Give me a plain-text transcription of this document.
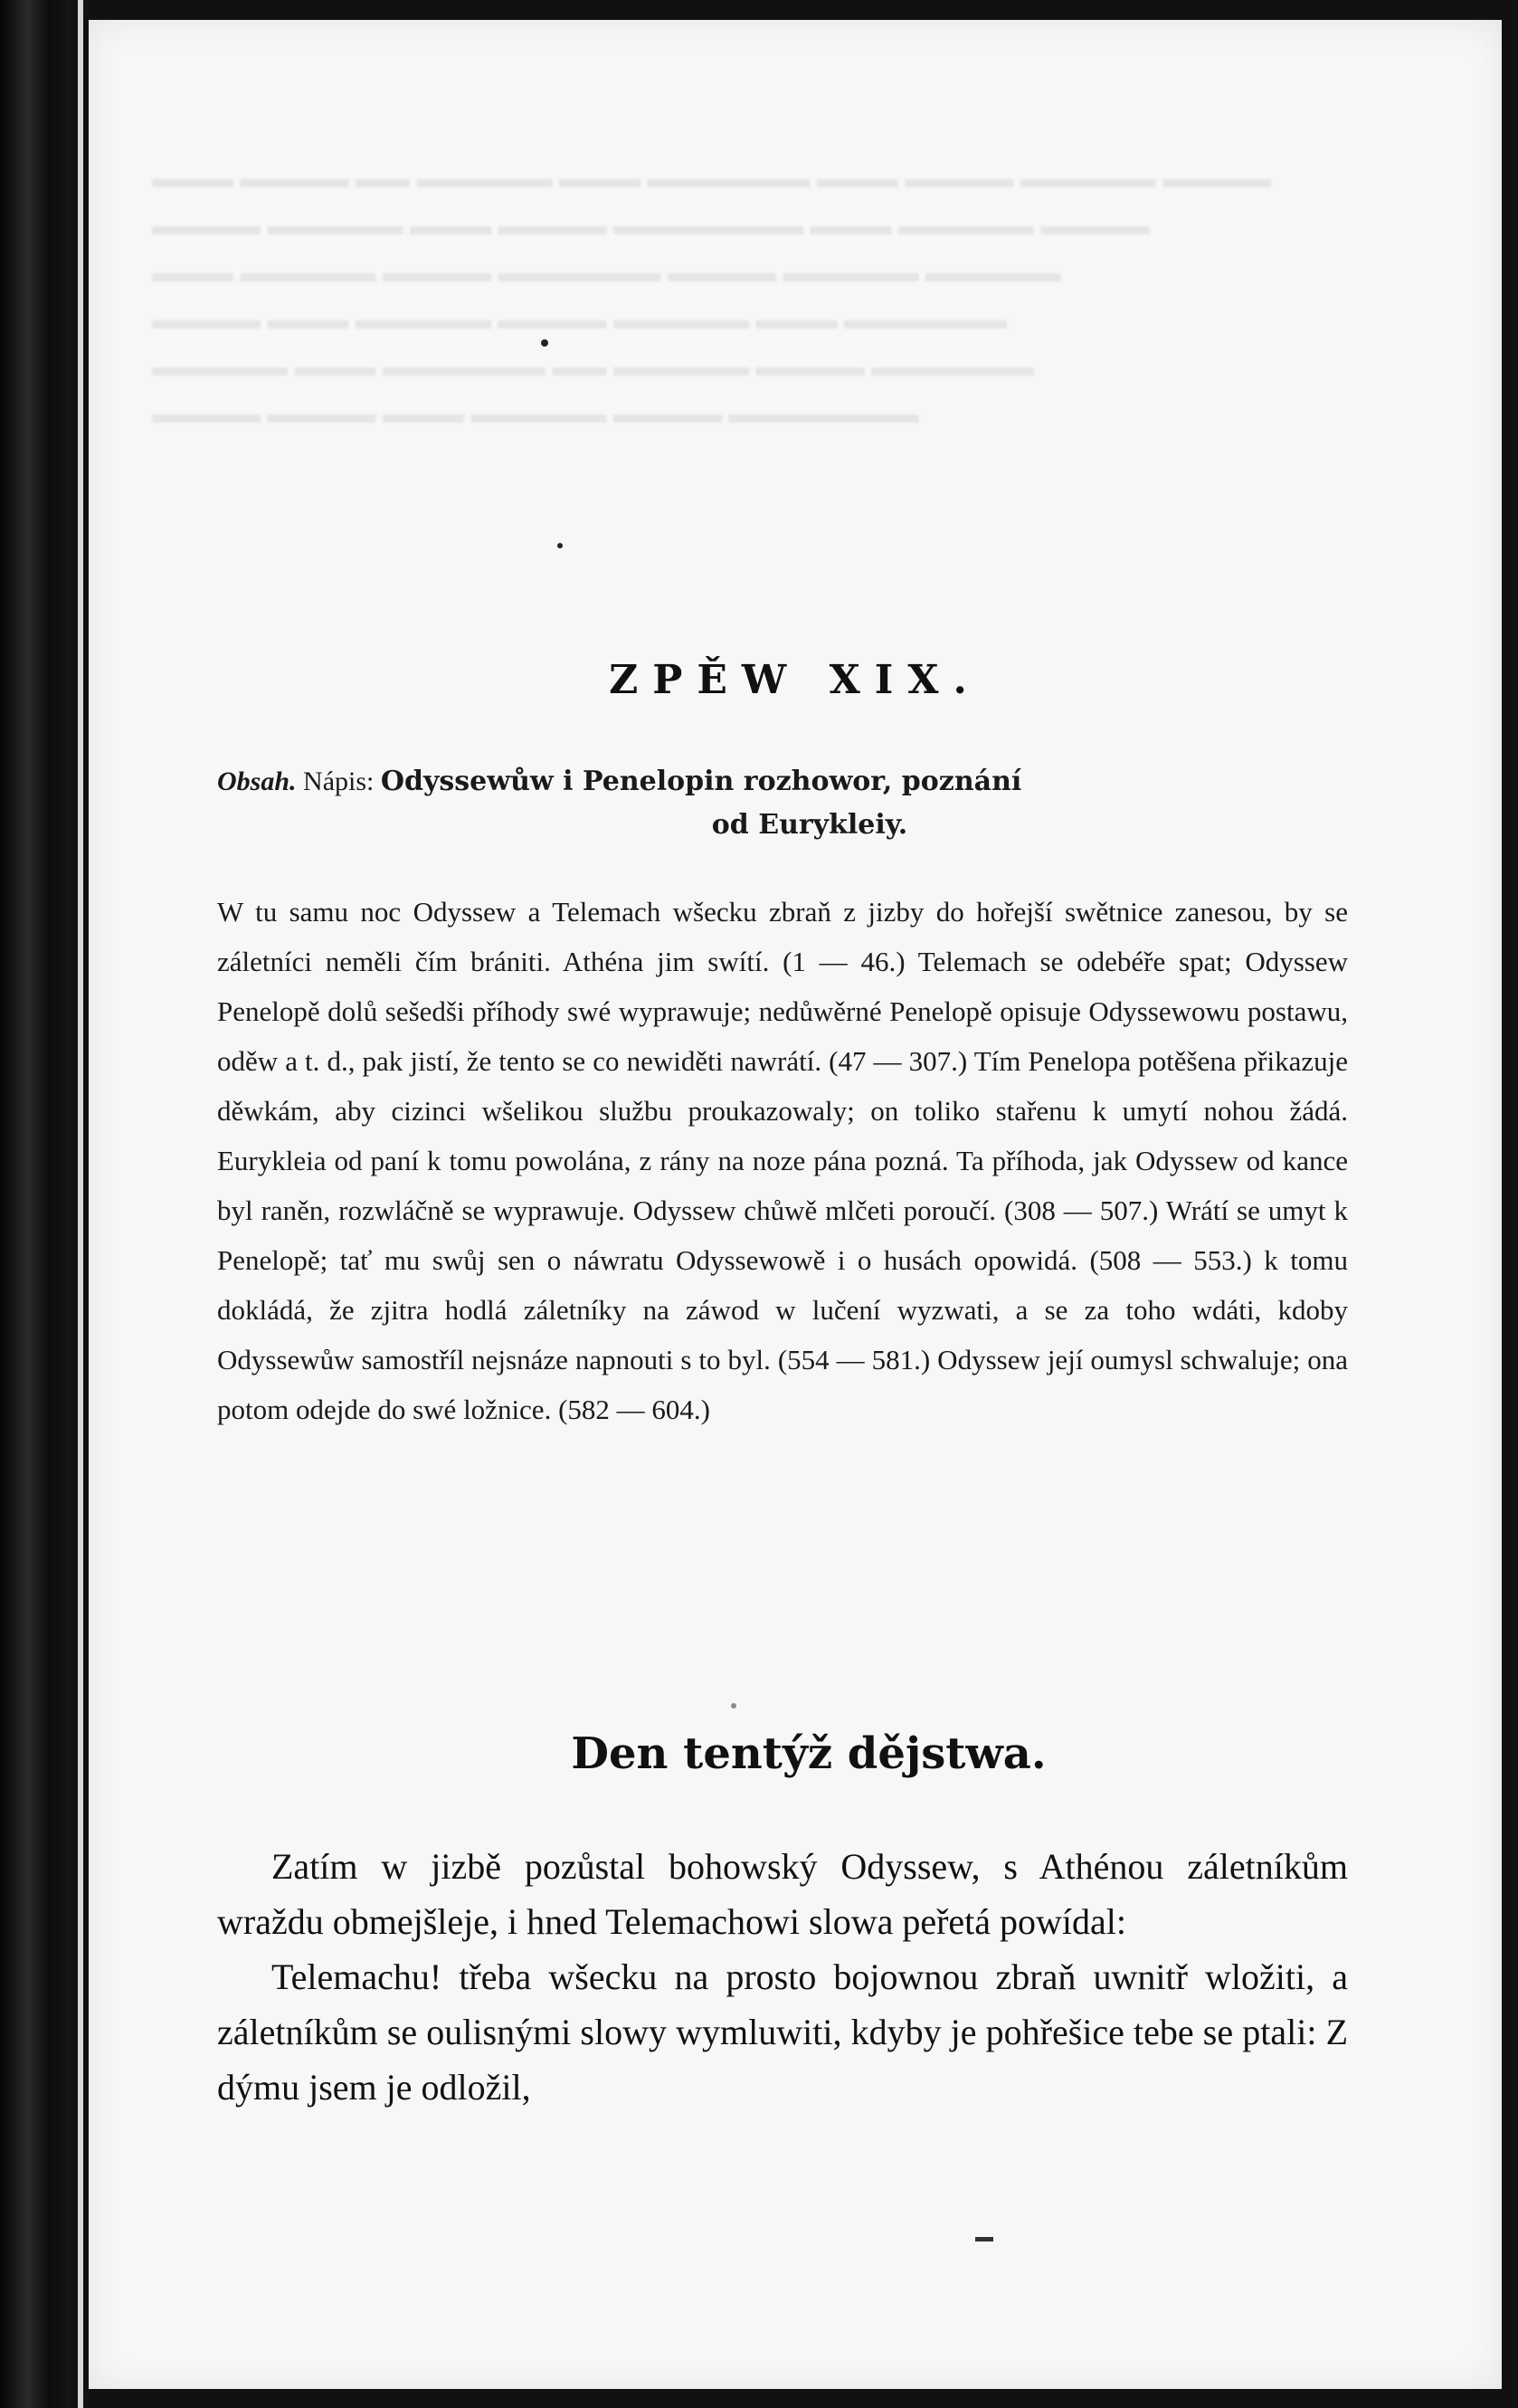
▬▬▬ ▬▬▬▬ ▬▬ ▬▬▬▬▬ ▬▬▬ ▬▬▬▬▬▬ ▬▬▬ ▬▬▬▬ ▬▬▬▬▬ ▬▬▬▬
▬▬▬▬ ▬▬▬▬▬ ▬▬▬ ▬▬▬▬ ▬▬▬▬▬▬▬ ▬▬▬ ▬▬▬▬▬ ▬▬▬▬
▬▬▬ ▬▬▬▬▬ ▬▬▬▬ ▬▬▬▬▬▬ ▬▬▬▬ ▬▬▬▬▬ ▬▬▬▬▬
▬▬▬▬ ▬▬▬ ▬▬▬▬▬ ▬▬▬▬ ▬▬▬▬▬ ▬▬▬ ▬▬▬▬▬▬
▬▬▬▬▬ ▬▬▬ ▬▬▬▬▬▬ ▬▬ ▬▬▬▬▬ ▬▬▬▬ ▬▬▬▬▬▬
▬▬▬▬ ▬▬▬▬ ▬▬▬ ▬▬▬▬▬ ▬▬▬▬ ▬▬▬▬▬▬▬
ZPĚW XIX.
Obsah. Nápis: Odyssewůw i Penelopin rozhowor, poznání
od Eurykleiy.

W tu samu noc Odyssew a Telemach wšecku zbraň z jizby do hořejší swětnice zanesou, by se záletníci neměli čím brániti. Athéna jim swítí. (1 — 46.) Telemach se odebéře spat; Odyssew Penelopě dolů sešedši příhody swé wyprawuje; nedůwěrné Penelopě opisuje Odyssewowu postawu, oděw a t. d., pak jistí, že tento se co newiděti nawrátí. (47 — 307.) Tím Penelopa potěšena přikazuje děwkám, aby cizinci wšelikou službu proukazowaly; on toliko stařenu k umytí nohou žádá. Eurykleia od paní k tomu powolána, z rány na noze pána pozná. Ta příhoda, jak Odyssew od kance byl raněn, rozwláčně se wyprawuje. Odyssew chůwě mlčeti poroučí. (308 — 507.) Wrátí se umyt k Penelopě; tať mu swůj sen o náwratu Odyssewowě i o husách opowidá. (508 — 553.) k tomu dokládá, že zjitra hodlá záletníky na záwod w lučení wyzwati, a se za toho wdáti, kdoby Odyssewůw samostříl nejsnáze napnouti s to byl. (554 — 581.) Odyssew její oumysl schwaluje; ona potom odejde do swé ložnice. (582 — 604.)

Den tentýž dějstwa.

Zatím w jizbě pozůstal bohowský Odyssew, s Athénou záletníkům wraždu obmejšleje, i hned Telemachowi slowa peřetá powídal:

Telemachu! třeba wšecku na prosto bojownou zbraň uwnitř wložiti, a záletníkům se oulisnými slowy wymluwiti, kdyby je pohřešice tebe se ptali: Z dýmu jsem je odložil,
